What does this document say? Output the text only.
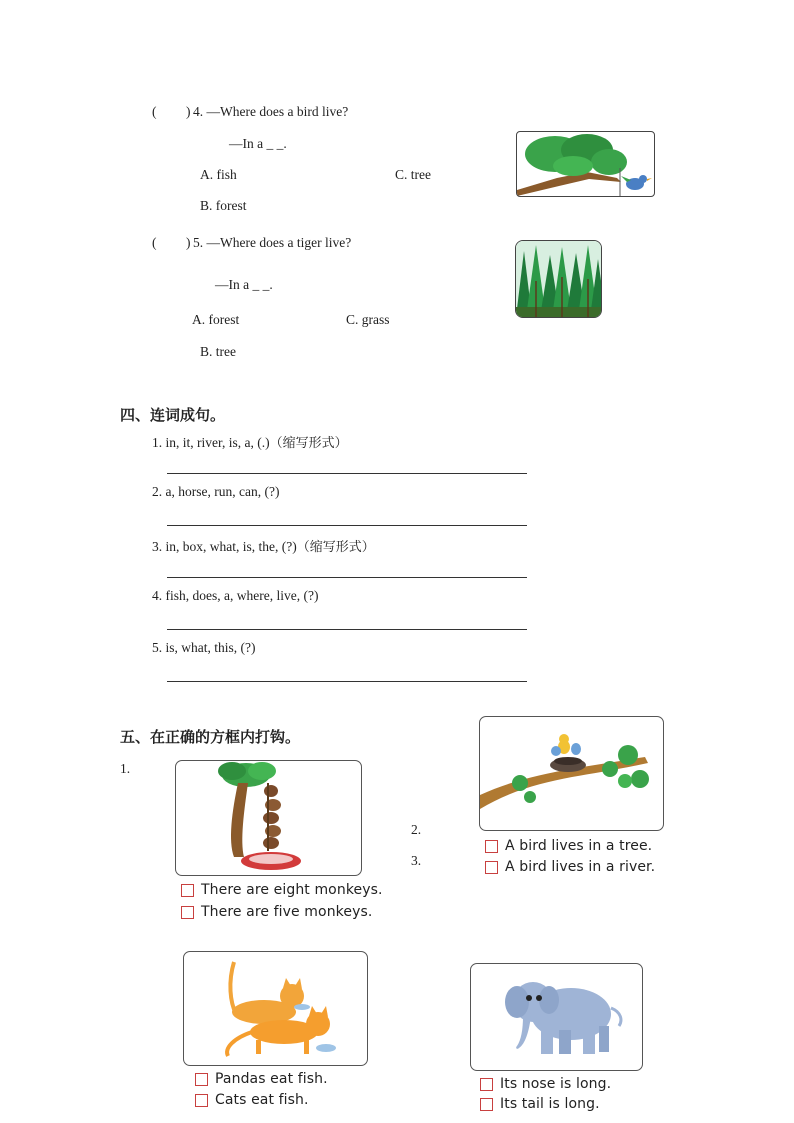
( ) 4. —Where does a bird live?
—In a _ _.
A. fish	C. tree
B. forest
( ) 5. —Where does a tiger live?
—In a _ _.
A. forest	C. grass
B. tree
四、连词成句。
1. in, it, river, is, a, (.)（缩写形式）
2. a, horse, run, can, (?)
3. in, box, what, is, the, (?)（缩写形式）
4. fish, does, a, where, live, (?)
5. is, what, this, (?)
五、在正确的方框内打钩。
1.
2.
3.
There are eight monkeys.
There are five monkeys.
A bird lives in a tree.
A bird lives in a river.
Pandas eat fish.
Cats eat fish.
Its nose is long.
Its tail is long.
